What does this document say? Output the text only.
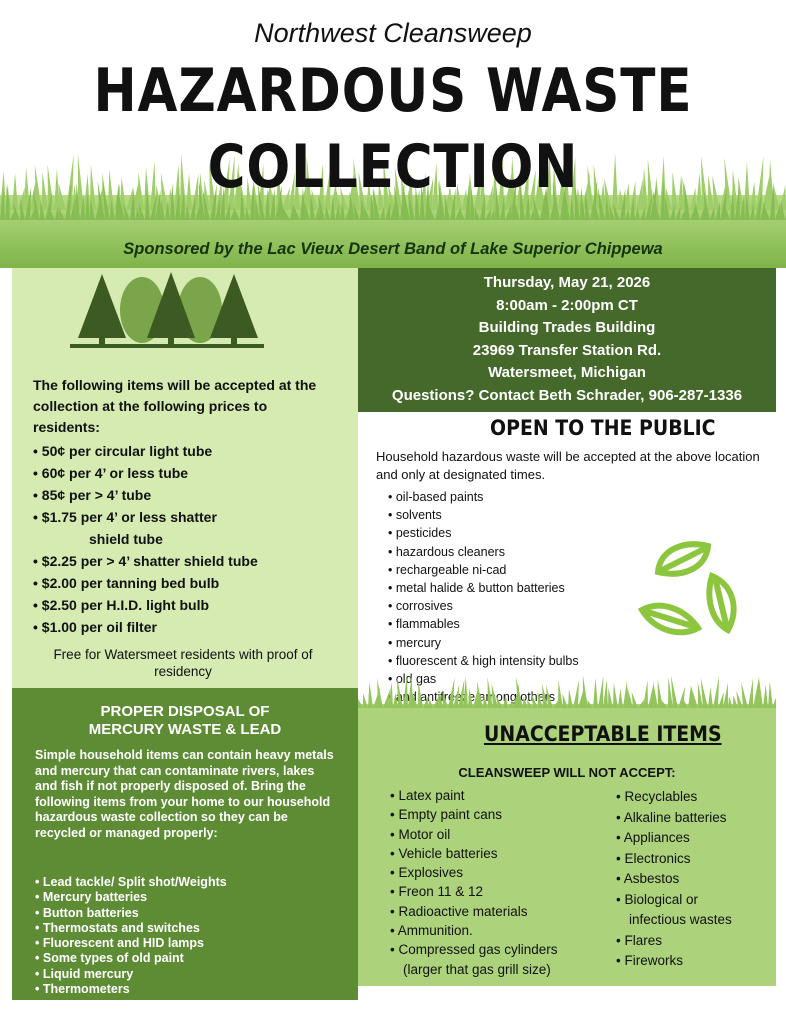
Northwest Cleansweep
HAZARDOUS WASTE
COLLECTION
Sponsored by the Lac Vieux Desert Band of Lake Superior Chippewa
The following items will be accepted at the collection at the following prices to residents:
• 50¢ per circular light tube
• 60¢ per 4’ or less tube
• 85¢ per > 4’ tube
• $1.75 per 4’ or less shatter
shield tube
• $2.25 per > 4’ shatter shield tube
• $2.00 per tanning bed bulb
• $2.50 per H.I.D. light bulb
• $1.00 per oil filter
Free for Watersmeet residents with proof of residency
PROPER DISPOSAL OF MERCURY WASTE & LEAD
Simple household items can contain heavy metals and mercury that can contaminate rivers, lakes and fish if not properly disposed of. Bring the following items from your home to our household hazardous waste collection so they can be recycled or managed properly:
• Lead tackle/ Split shot/Weights
• Mercury batteries
• Button batteries
• Thermostats and switches
• Fluorescent and HID lamps
• Some types of old paint
• Liquid mercury
• Thermometers
Thursday, May 21, 2026
8:00am - 2:00pm CT
Building Trades Building
23969 Transfer Station Rd.
Watersmeet, Michigan
Questions? Contact Beth Schrader, 906-287-1336
OPEN TO THE PUBLIC
Household hazardous waste will be accepted at the above location and only at designated times.
• oil-based paints
• solvents
• pesticides
• hazardous cleaners
• rechargeable ni-cad
• metal halide & button batteries
• corrosives
• flammables
• mercury
• fluorescent & high intensity bulbs
• old gas
• and antifreeze among others
UNACCEPTABLE ITEMS
CLEANSWEEP WILL NOT ACCEPT:
• Latex paint
• Empty paint cans
• Motor oil
• Vehicle batteries
• Explosives
• Freon 11 & 12
• Radioactive materials
• Ammunition.
• Compressed gas cylinders
(larger that gas grill size)
• Recyclables
• Alkaline batteries
• Appliances
• Electronics
• Asbestos
• Biological or
infectious wastes
• Flares
• Fireworks
